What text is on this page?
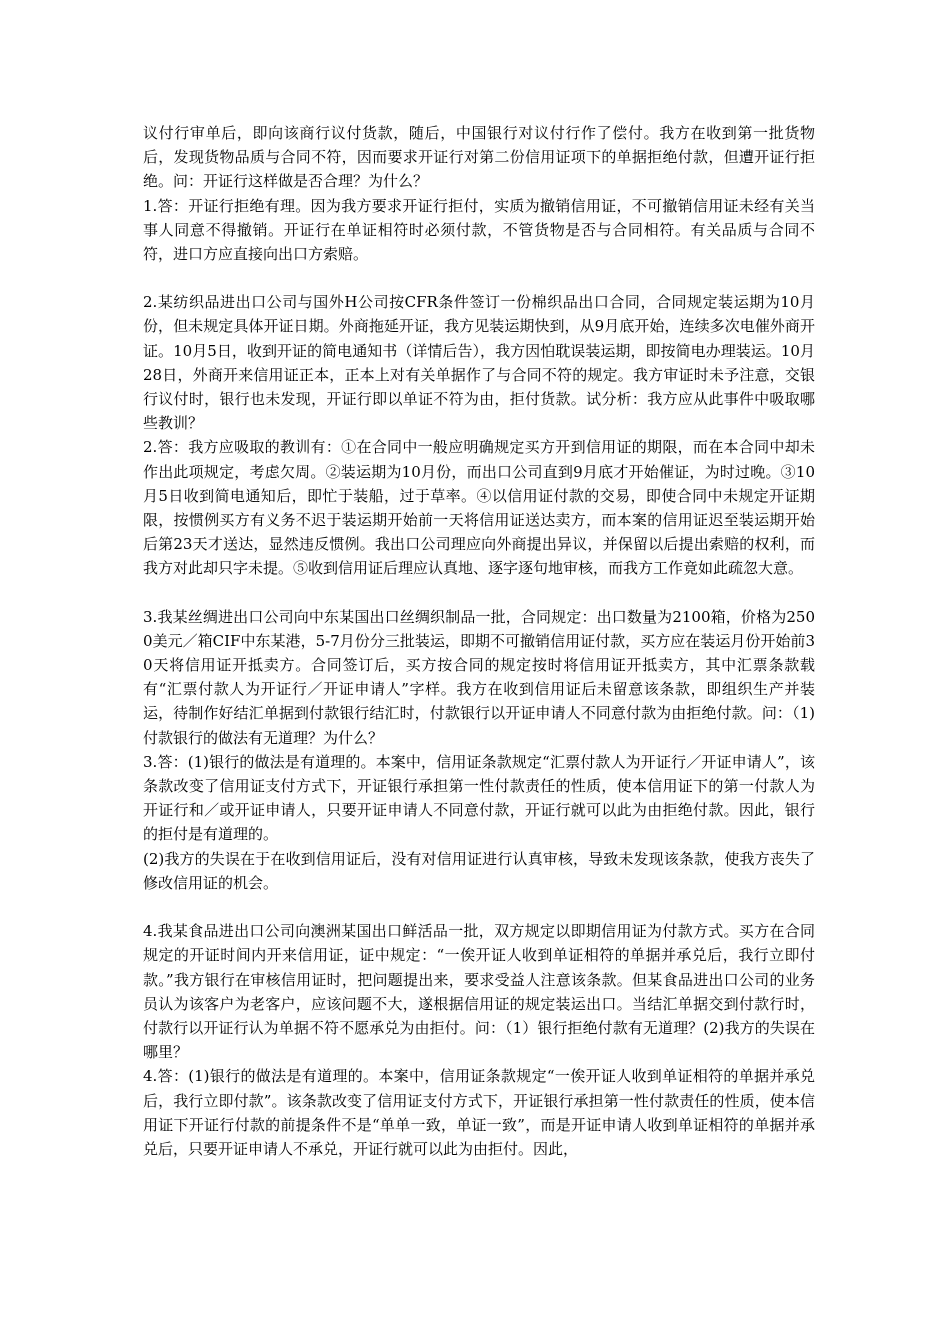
议付行审单后，即向该商行议付货款，随后，中国银行对议付行作了偿付。我方在收到第一批货物后，发现货物品质与合同不符，因而要求开证行对第二份信用证项下的单据拒绝付款，但遭开证行拒绝。问：开证行这样做是否合理？为什么？

1.答：开证行拒绝有理。因为我方要求开证行拒付，实质为撤销信用证，不可撤销信用证未经有关当事人同意不得撤销。开证行在单证相符时必须付款，不管货物是否与合同相符。有关品质与合同不符，进口方应直接向出口方索赔。

2.某纺织品进出口公司与国外H公司按CFR条件签订一份棉织品出口合同，合同规定装运期为10月份，但未规定具体开证日期。外商拖延开证，我方见装运期快到，从9月底开始，连续多次电催外商开证。10月5日，收到开证的简电通知书（详情后告），我方因怕耽误装运期，即按简电办理装运。10月28日，外商开来信用证正本，正本上对有关单据作了与合同不符的规定。我方审证时未予注意，交银行议付时，银行也未发现，开证行即以单证不符为由，拒付货款。试分析：我方应从此事件中吸取哪些教训？

2.答：我方应吸取的教训有：①在合同中一般应明确规定买方开到信用证的期限，而在本合同中却未作出此项规定，考虑欠周。②装运期为10月份，而出口公司直到9月底才开始催证，为时过晚。③10月5日收到简电通知后，即忙于装船，过于草率。④以信用证付款的交易，即使合同中未规定开证期限，按惯例买方有义务不迟于装运期开始前一天将信用证送达卖方，而本案的信用证迟至装运期开始后第23天才送达，显然违反惯例。我出口公司理应向外商提出异议，并保留以后提出索赔的权利，而我方对此却只字未提。⑤收到信用证后理应认真地、逐字逐句地审核，而我方工作竟如此疏忽大意。

3.我某丝绸进出口公司向中东某国出口丝绸织制品一批，合同规定：出口数量为2100箱，价格为2500美元／箱CIF中东某港，5-7月份分三批装运，即期不可撤销信用证付款，买方应在装运月份开始前30天将信用证开抵卖方。合同签订后，买方按合同的规定按时将信用证开抵卖方，其中汇票条款载有“汇票付款人为开证行／开证申请人”字样。我方在收到信用证后未留意该条款，即组织生产并装运，待制作好结汇单据到付款银行结汇时，付款银行以开证申请人不同意付款为由拒绝付款。问：（1)付款银行的做法有无道理？为什么？

3.答：(1)银行的做法是有道理的。本案中，信用证条款规定“汇票付款人为开证行／开证申请人”，该条款改变了信用证支付方式下，开证银行承担第一性付款责任的性质，使本信用证下的第一付款人为开证行和／或开证申请人，只要开证申请人不同意付款，开证行就可以此为由拒绝付款。因此，银行的拒付是有道理的。

(2)我方的失误在于在收到信用证后，没有对信用证进行认真审核，导致未发现该条款，使我方丧失了修改信用证的机会。

4.我某食品进出口公司向澳洲某国出口鲜活品一批，双方规定以即期信用证为付款方式。买方在合同规定的开证时间内开来信用证，证中规定：“一俟开证人收到单证相符的单据并承兑后，我行立即付款。”我方银行在审核信用证时，把问题提出来，要求受益人注意该条款。但某食品进出口公司的业务员认为该客户为老客户，应该问题不大，遂根据信用证的规定装运出口。当结汇单据交到付款行时，付款行以开证行认为单据不符不愿承兑为由拒付。问：（1）银行拒绝付款有无道理？(2)我方的失误在哪里？

4.答：(1)银行的做法是有道理的。本案中，信用证条款规定“一俟开证人收到单证相符的单据并承兑后，我行立即付款”。该条款改变了信用证支付方式下，开证银行承担第一性付款责任的性质，使本信用证下开证行付款的前提条件不是“单单一致，单证一致”，而是开证申请人收到单证相符的单据并承兑后，只要开证申请人不承兑，开证行就可以此为由拒付。因此，
